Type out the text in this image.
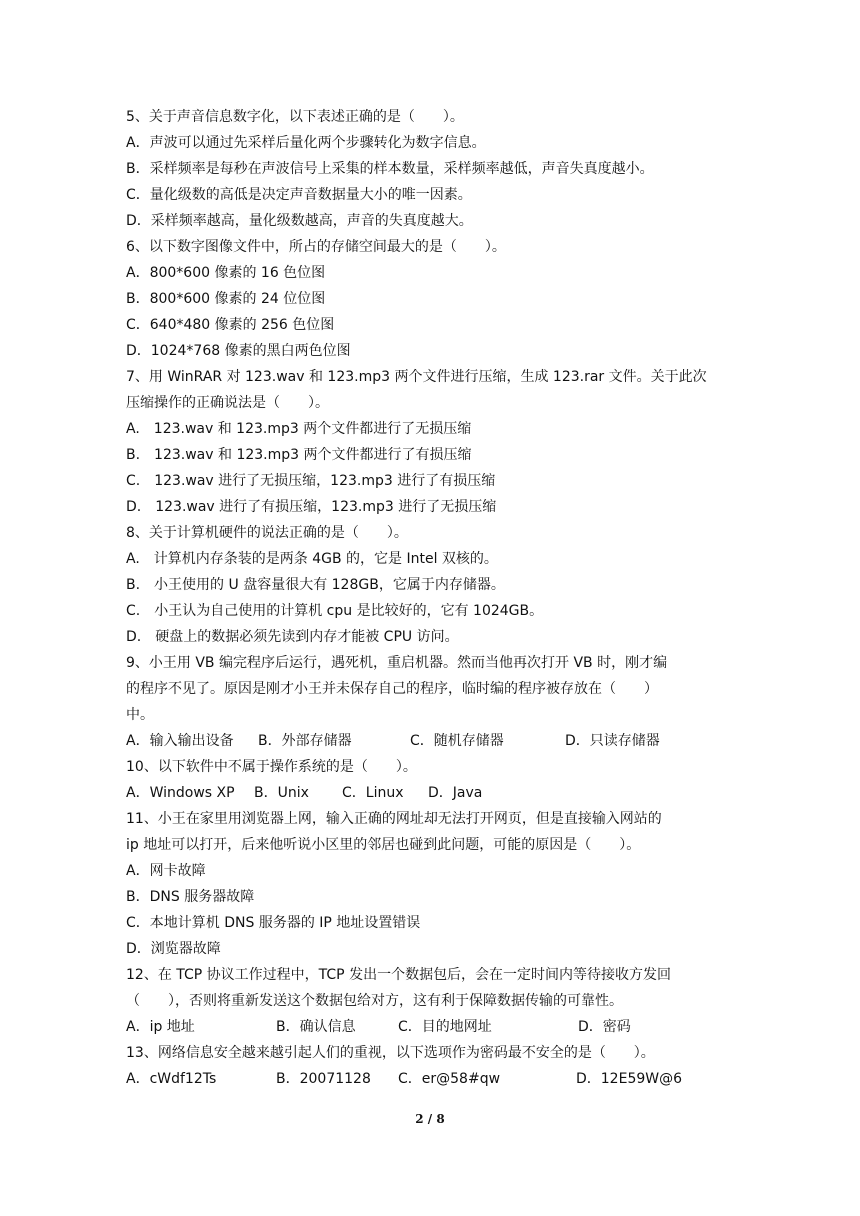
5、关于声音信息数字化，以下表述正确的是（　　）。
A．声波可以通过先采样后量化两个步骤转化为数字信息。
B．采样频率是每秒在声波信号上采集的样本数量，采样频率越低，声音失真度越小。
C．量化级数的高低是决定声音数据量大小的唯一因素。
D．采样频率越高，量化级数越高，声音的失真度越大。
6、以下数字图像文件中，所占的存储空间最大的是（　　）。
A．800*600 像素的 16 色位图
B．800*600 像素的 24 位位图
C．640*480 像素的 256 色位图
D．1024*768 像素的黑白两色位图
7、用 WinRAR 对 123.wav 和 123.mp3 两个文件进行压缩，生成 123.rar 文件。关于此次
压缩操作的正确说法是（　　）。
A.　123.wav 和 123.mp3 两个文件都进行了无损压缩
B.　123.wav 和 123.mp3 两个文件都进行了有损压缩
C.　123.wav 进行了无损压缩，123.mp3 进行了有损压缩
D.　123.wav 进行了有损压缩，123.mp3 进行了无损压缩
8、关于计算机硬件的说法正确的是（　　）。
A.　计算机内存条装的是两条 4GB 的，它是 Intel 双核的。
B.　小王使用的 U 盘容量很大有 128GB，它属于内存储器。
C.　小王认为自己使用的计算机 cpu 是比较好的，它有 1024GB。
D.　硬盘上的数据必须先读到内存才能被 CPU 访问。
9、小王用 VB 编完程序后运行，遇死机，重启机器。然而当他再次打开 VB 时，刚才编
的程序不见了。原因是刚才小王并未保存自己的程序，临时编的程序被存放在（　　）
中。
A．输入输出设备	B．外部存储器	C．随机存储器	D．只读存储器
10、以下软件中不属于操作系统的是（　　）。
A．Windows XP	B．Unix	C．Linux	D．Java
11、小王在家里用浏览器上网，输入正确的网址却无法打开网页，但是直接输入网站的
ip 地址可以打开，后来他听说小区里的邻居也碰到此问题，可能的原因是（　　）。
A．网卡故障
B．DNS 服务器故障
C．本地计算机 DNS 服务器的 IP 地址设置错误
D．浏览器故障
12、在 TCP 协议工作过程中，TCP 发出一个数据包后，会在一定时间内等待接收方发回
（　　），否则将重新发送这个数据包给对方，这有利于保障数据传输的可靠性。
A．ip 地址	B．确认信息	C．目的地网址	D．密码
13、网络信息安全越来越引起人们的重视，以下选项作为密码最不安全的是（　　）。
A．cWdf12Ts	B．20071128	C．er@58#qw	D．12E59W@6
2 / 8
